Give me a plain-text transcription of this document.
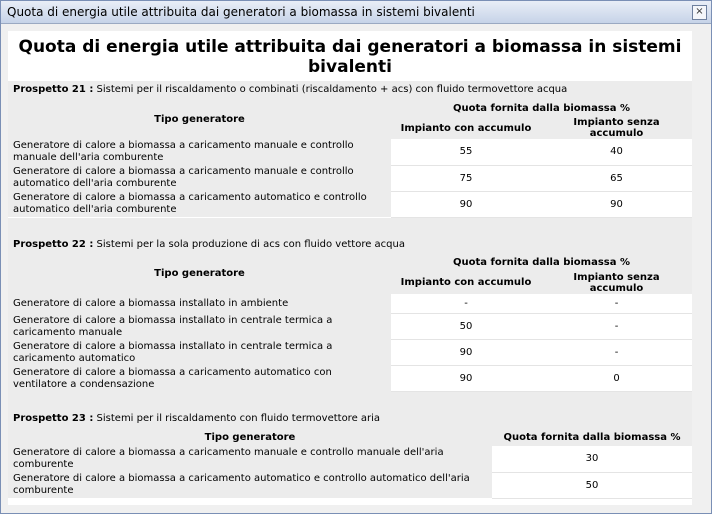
Quota di energia utile attribuita dai generatori a biomassa in sistemi bivalenti	×
Quota di energia utile attribuita dai generatori a biomassa in sistemi bivalenti
Prospetto 21 : Sistemi per il riscaldamento o combinati (riscaldamento + acs) con fluido termovettore acqua
Tipo generatore	Quota fornita dalla biomassa %	
	Impianto con accumulo	Impianto senza accumulo
Generatore di calore a biomassa a caricamento manuale e controllo manuale dell'aria comburente	55	40
Generatore di calore a biomassa a caricamento manuale e controllo automatico dell'aria comburente	75	65
Generatore di calore a biomassa a caricamento automatico e controllo automatico dell'aria comburente	90	90
Prospetto 22 : Sistemi per la sola produzione di acs con fluido vettore acqua
Tipo generatore	Quota fornita dalla biomassa %	
	Impianto con accumulo	Impianto senza accumulo
Generatore di calore a biomassa installato in ambiente	-	-
Generatore di calore a biomassa installato in centrale termica a caricamento manuale	50	-
Generatore di calore a biomassa installato in centrale termica a caricamento automatico	90	-
Generatore di calore a biomassa a caricamento automatico con ventilatore a condensazione	90	0
Prospetto 23 : Sistemi per il riscaldamento con fluido termovettore aria
Tipo generatore	Quota fornita dalla biomassa %
Generatore di calore a biomassa a caricamento manuale e controllo manuale dell'aria comburente	30
Generatore di calore a biomassa a caricamento automatico e controllo automatico dell'aria comburente	50
